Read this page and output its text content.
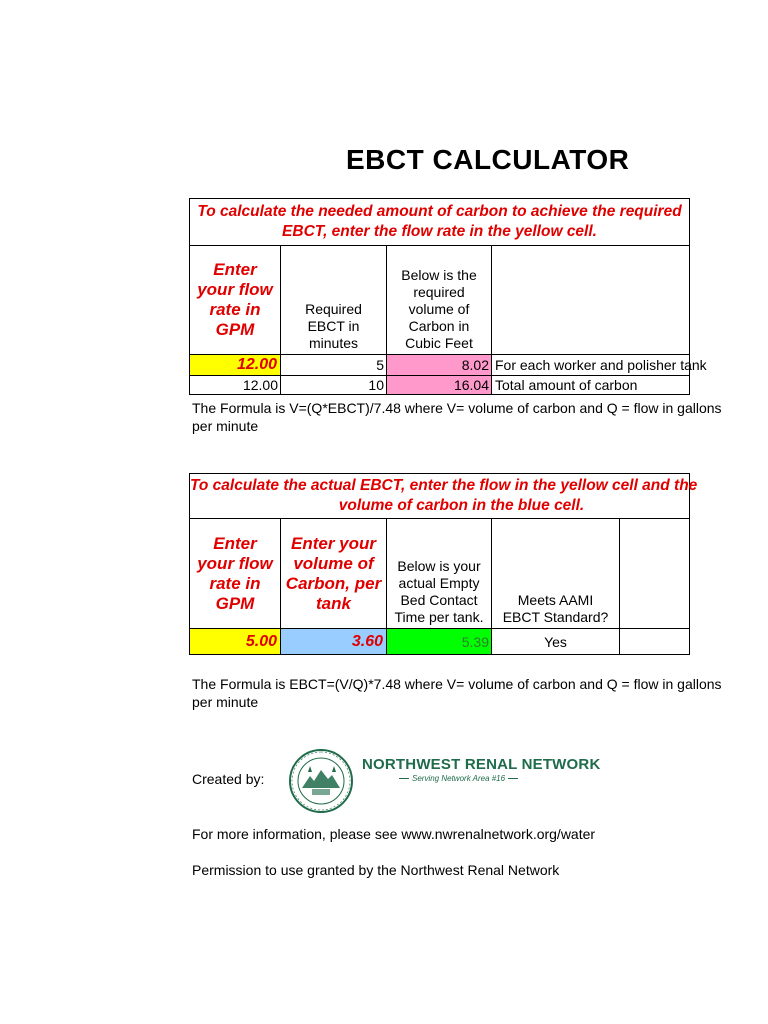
EBCT CALCULATOR
To calculate the needed amount of carbon to achieve the required
EBCT, enter the flow rate in the yellow cell.			

Enter your flow rate in GPM	Required EBCT in minutes	Below is the required volume of Carbon in Cubic Feet	
12.00	5	8.02	For each worker and polisher tank
12.00	10	16.04	Total amount of carbon
The Formula is V=(Q*EBCT)/7.48 where V= volume of carbon and Q = flow in gallons
per minute
To calculate the actual EBCT, enter the flow in the yellow cell and the
volume of carbon in the blue cell.				

Enter your flow rate in GPM	Enter your volume of Carbon, per tank	Below is your actual Empty Bed Contact Time per tank.	Meets AAMI EBCT Standard?	
5.00	3.60	5.39	Yes	
The Formula is EBCT=(V/Q)*7.48 where V= volume of carbon and Q = flow in gallons
per minute
Created by:
NORTHWEST RENAL NETWORK
Serving Network Area #16
For more information, please see www.nwrenalnetwork.org/water
Permission to use granted by the Northwest Renal Network
